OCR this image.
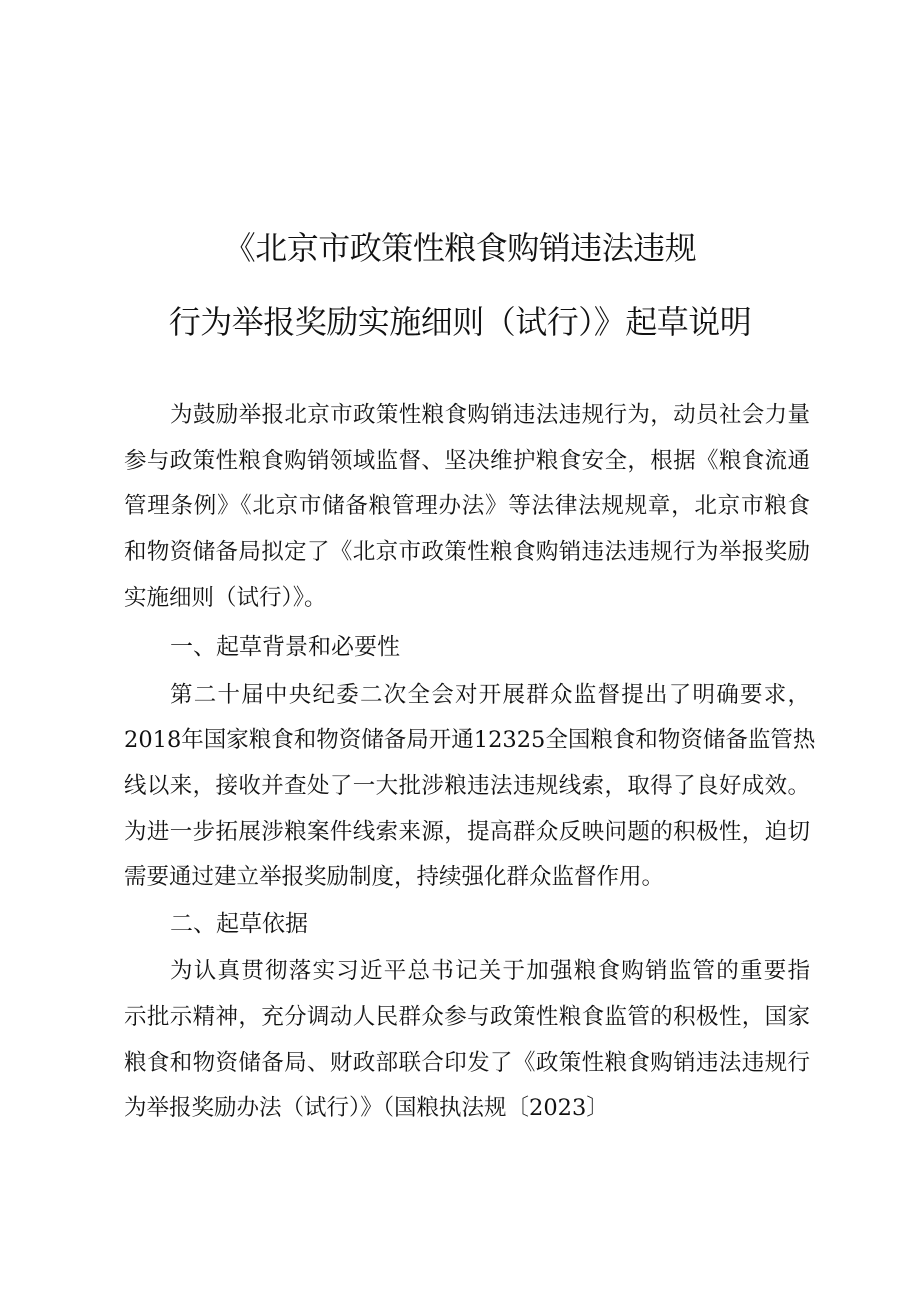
《北京市政策性粮食购销违法违规
行为举报奖励实施细则（试行）》起草说明
为鼓励举报北京市政策性粮食购销违法违规行为，动员社会力量
参与政策性粮食购销领域监督、坚决维护粮食安全，根据《粮食流通
管理条例》《北京市储备粮管理办法》等法律法规规章，北京市粮食
和物资储备局拟定了《北京市政策性粮食购销违法违规行为举报奖励
实施细则（试行）》。
一、起草背景和必要性
第二十届中央纪委二次全会对开展群众监督提出了明确要求，
2018年国家粮食和物资储备局开通12325全国粮食和物资储备监管热
线以来，接收并查处了一大批涉粮违法违规线索，取得了良好成效。
为进一步拓展涉粮案件线索来源，提高群众反映问题的积极性，迫切
需要通过建立举报奖励制度，持续强化群众监督作用。
二、起草依据
为认真贯彻落实习近平总书记关于加强粮食购销监管的重要指
示批示精神，充分调动人民群众参与政策性粮食监管的积极性，国家
粮食和物资储备局、财政部联合印发了《政策性粮食购销违法违规行
为举报奖励办法（试行）》（国粮执法规〔2023〕
